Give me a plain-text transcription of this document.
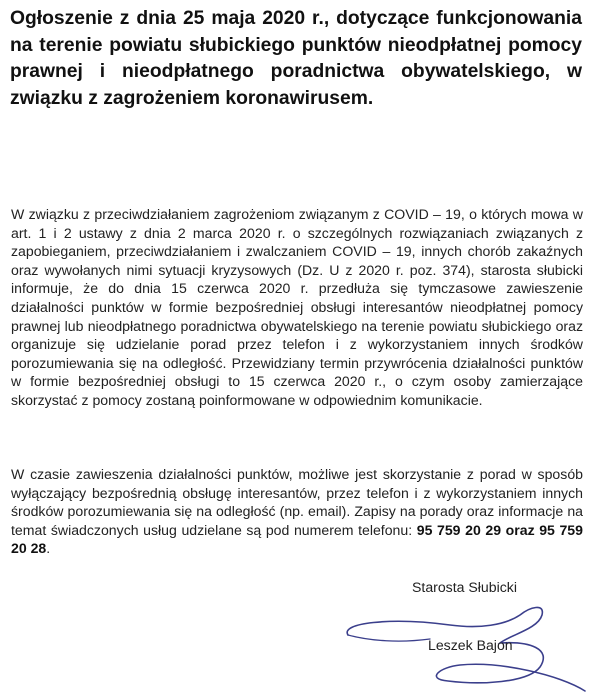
Ogłoszenie z dnia 25 maja 2020 r., dotyczące funkcjonowania na terenie powiatu słubickiego punktów nieodpłatnej pomocy prawnej i nieodpłatnego poradnictwa obywatelskiego, w związku z zagrożeniem koronawirusem.
W związku z przeciwdziałaniem zagrożeniom związanym z COVID – 19, o których mowa w art. 1 i 2 ustawy z dnia 2 marca 2020 r. o szczególnych rozwiązaniach związanych z zapobieganiem, przeciwdziałaniem i zwalczaniem COVID – 19, innych chorób zakaźnych oraz wywołanych nimi sytuacji kryzysowych (Dz. U z 2020 r. poz. 374), starosta słubicki informuje, że do dnia 15 czerwca 2020 r. przedłuża się tymczasowe zawieszenie działalności punktów w formie bezpośredniej obsługi interesantów nieodpłatnej pomocy prawnej lub nieodpłatnego poradnictwa obywatelskiego na terenie powiatu słubickiego oraz organizuje się udzielanie porad przez telefon i z wykorzystaniem innych środków porozumiewania się na odległość. Przewidziany termin przywrócenia działalności punktów w formie bezpośredniej obsługi to 15 czerwca 2020 r., o czym osoby zamierzające skorzystać z pomocy zostaną poinformowane w odpowiednim komunikacie.
W czasie zawieszenia działalności punktów, możliwe jest skorzystanie z porad w sposób wyłączający bezpośrednią obsługę interesantów, przez telefon i z wykorzystaniem innych środków porozumiewania się na odległość (np. email). Zapisy na porady oraz informacje na temat świadczonych usług udzielane są pod numerem telefonu: 95 759 20 29 oraz 95 759 20 28.
Starosta Słubicki
Leszek Bajon
